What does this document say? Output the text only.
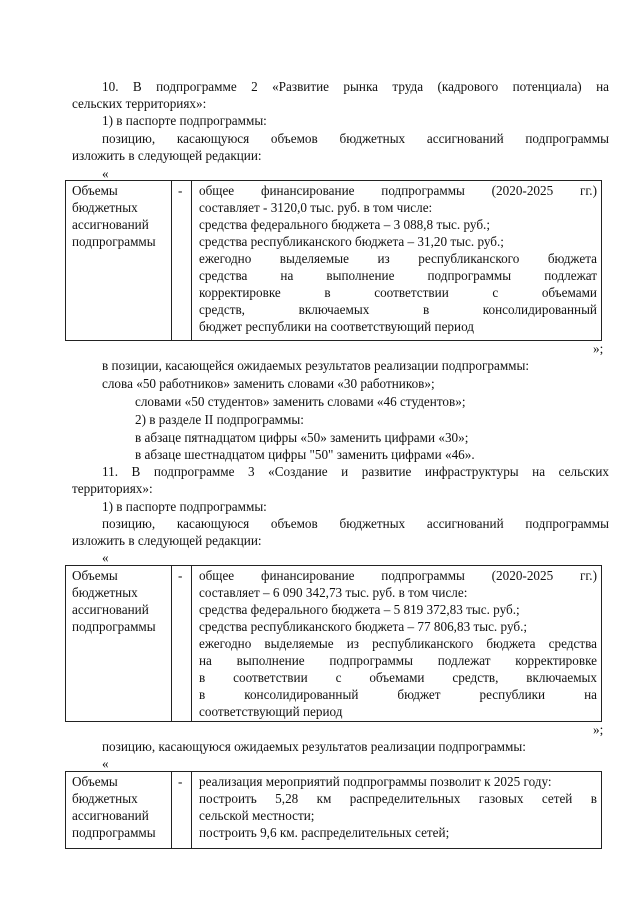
10. В подпрограмме 2 «Развитие рынка труда (кадрового потенциала) на
сельских территориях»:
1) в паспорте подпрограммы:
позицию, касающуюся объемов бюджетных ассигнований подпрограммы
изложить в следующей редакции:
«
Объемы
бюджетных
ассигнований
подпрограммы
- общее финансирование подпрограммы (2020-2025 гг.)
составляет - 3120,0 тыс. руб. в том числе:
средства федерального бюджета – 3 088,8 тыс. руб.;
средства республиканского бюджета – 31,20 тыс. руб.;
ежегодно выделяемые из республиканского бюджета
средства на выполнение подпрограммы подлежат
корректировке в соответствии с объемами
средств, включаемых в консолидированный
бюджет республики на соответствующий период
»;
в позиции, касающейся ожидаемых результатов реализации подпрограммы:
слова «50 работников» заменить словами «30 работников»;
словами «50 студентов» заменить словами «46 студентов»;
2) в разделе II подпрограммы:
в абзаце пятнадцатом цифры «50» заменить цифрами «30»;
в абзаце шестнадцатом цифры "50" заменить цифрами «46».
11. В подпрограмме 3 «Создание и развитие инфраструктуры на сельских
территориях»:
1) в паспорте подпрограммы:
позицию, касающуюся объемов бюджетных ассигнований подпрограммы
изложить в следующей редакции:
«
Объемы
бюджетных
ассигнований
подпрограммы
- общее финансирование подпрограммы (2020-2025 гг.)
составляет – 6 090 342,73 тыс. руб. в том числе:
средства федерального бюджета – 5 819 372,83 тыс. руб.;
средства республиканского бюджета – 77 806,83 тыс. руб.;
ежегодно выделяемые из республиканского бюджета средства
на выполнение подпрограммы подлежат корректировке
в соответствии с объемами средств, включаемых
в консолидированный бюджет республики на
соответствующий период
»;
позицию, касающуюся ожидаемых результатов реализации подпрограммы:
«
Объемы
бюджетных
ассигнований
подпрограммы
- реализация мероприятий подпрограммы позволит к 2025 году:
построить 5,28 км распределительных газовых сетей в
сельской местности;
построить 9,6 км. распределительных сетей;
